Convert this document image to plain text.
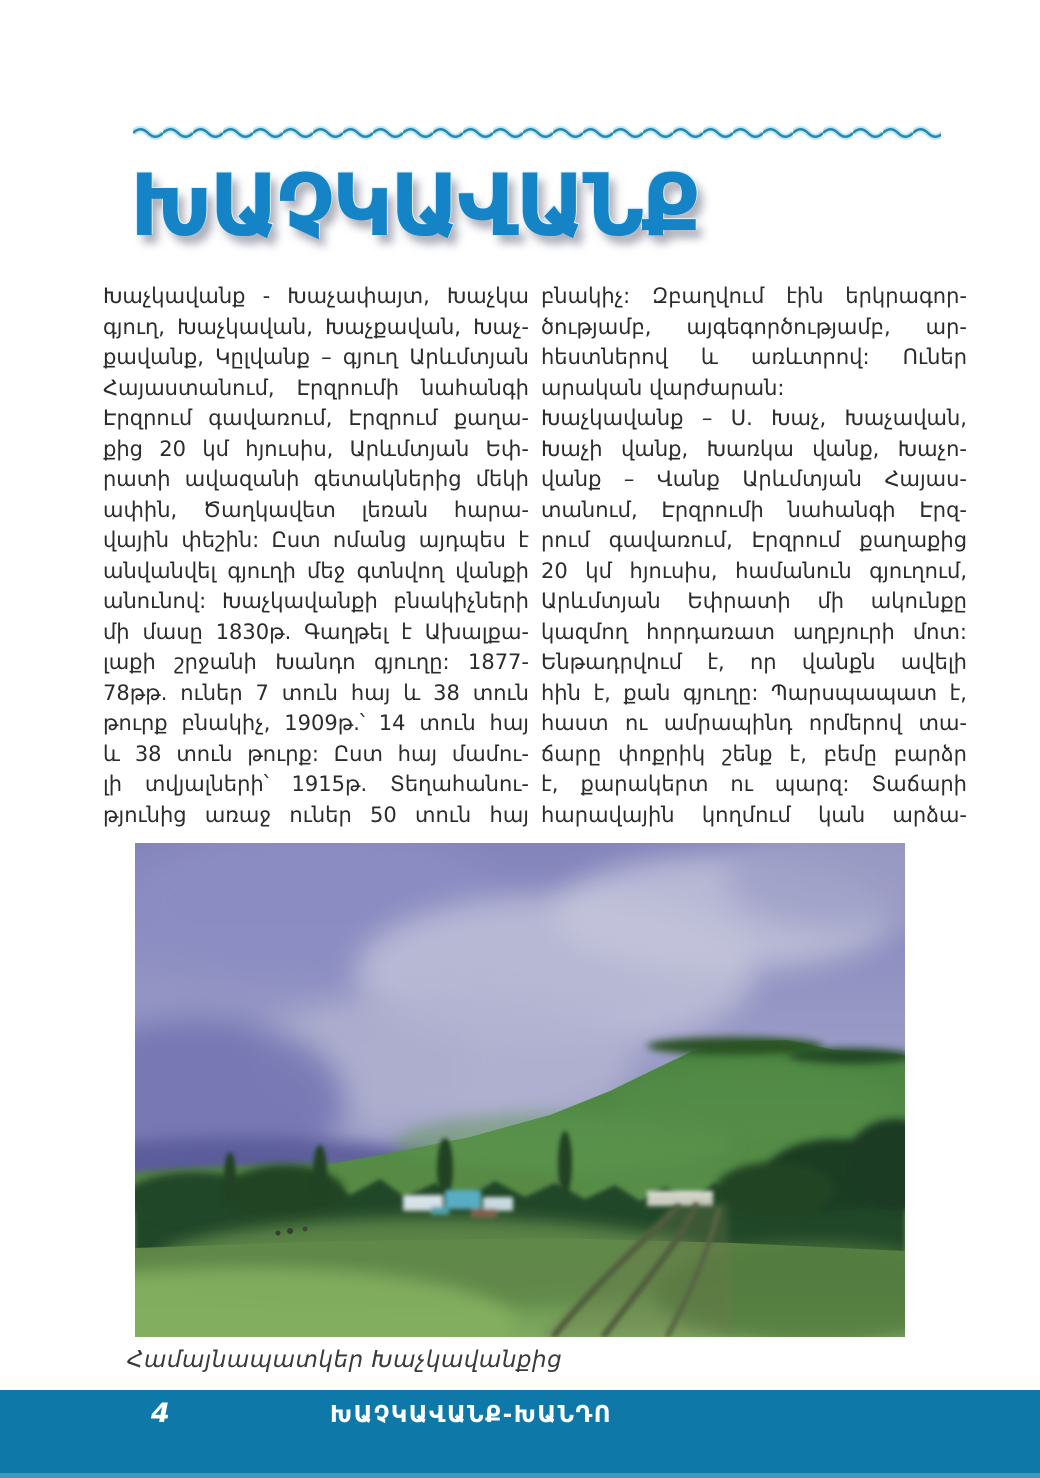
ԽԱՉԿԱՎԱՆՔ
Խաչկավանք - Խաչափայտ, Խաչկա
գյուղ, Խաչկավան, Խաչքավան, Խաչ-
քավանք, Կըլվանք – գյուղ Արևմտյան
Հայաստանում, Էրզրումի նահանգի
Էրզրում գավառում, Էրզրում քաղա-
քից 20 կմ հյուսիս, Արևմտյան Եփ-
րատի ավազանի գետակներից մեկի
ափին, Ծաղկավետ լեռան հարա-
վային փեշին: Ըստ ոմանց այդպես է
անվանվել գյուղի մեջ գտնվող վանքի
անունով: Խաչկավանքի բնակիչների
մի մասը 1830թ. Գաղթել է Ախալքա-
լաքի շրջանի Խանդո գյուղը: 1877-
78թթ. ուներ 7 տուն հայ և 38 տուն
թուրք բնակիչ, 1909թ.՝ 14 տուն հայ
և 38 տուն թուրք: Ըստ հայ մամու-
լի տվյալների՝ 1915թ. Տեղահանու-
թյունից առաջ ուներ 50 տուն հայ
բնակիչ: Զբաղվում էին երկրագոր-
ծությամբ, այգեգործությամբ, ար-
հեստներով և առևտրով: Ուներ
արական վարժարան:
Խաչկավանք – Ս. Խաչ, Խաչավան,
Խաչի վանք, Խառկա վանք, Խաչո-
վանք – Վանք Արևմտյան Հայաս-
տանում, Էրզրումի նահանգի Էրզ-
րում գավառում, Էրզրում քաղաքից
20 կմ հյուսիս, համանուն գյուղում,
Արևմտյան Եփրատի մի ակունքը
կազմող հորդառատ աղբյուրի մոտ:
Ենթադրվում է, որ վանքն ավելի
հին է, քան գյուղը: Պարսպապատ է,
հաստ ու ամրապինդ որմերով տա-
ճարը փոքրիկ շենք է, բեմը բարձր
է, քարակերտ ու պարզ: Տաճարի
հարավային կողմում կան արձա-
Համայնապատկեր Խաչկավանքից
4	ԽԱՉԿԱՎԱՆՔ-ԽԱՆԴՈ
